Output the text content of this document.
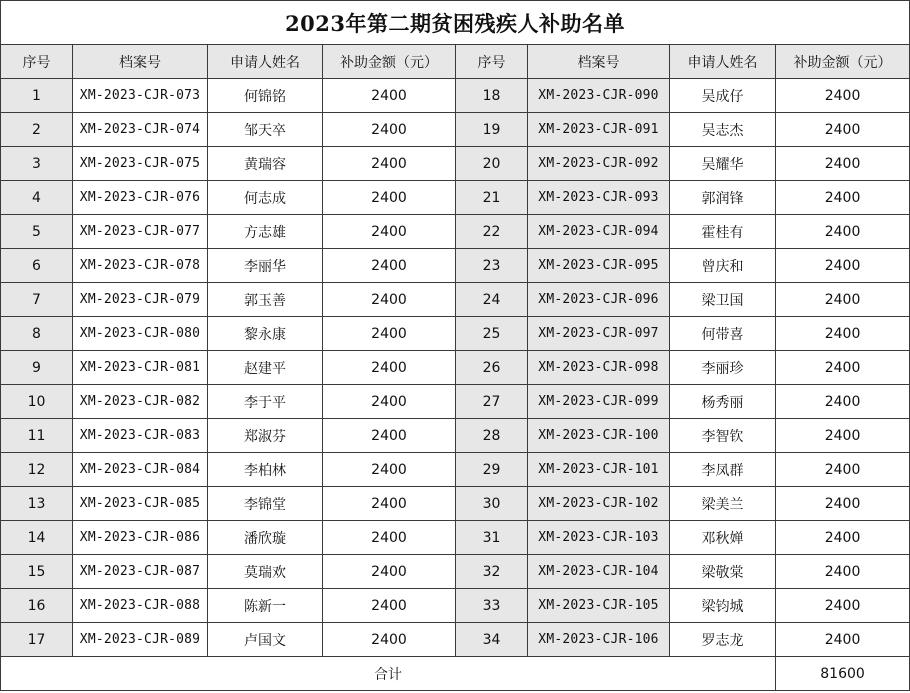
2023年第二期贫困残疾人补助名单							
序号	档案号	申请人姓名	补助金额（元）	序号	档案号	申请人姓名	补助金额（元）
1	XM-2023-CJR-073	何锦铭	2400	18	XM-2023-CJR-090	吴成仔	2400
2	XM-2023-CJR-074	邹天卒	2400	19	XM-2023-CJR-091	吴志杰	2400
3	XM-2023-CJR-075	黄瑞容	2400	20	XM-2023-CJR-092	吴耀华	2400
4	XM-2023-CJR-076	何志成	2400	21	XM-2023-CJR-093	郭润锋	2400
5	XM-2023-CJR-077	方志雄	2400	22	XM-2023-CJR-094	霍桂有	2400
6	XM-2023-CJR-078	李丽华	2400	23	XM-2023-CJR-095	曾庆和	2400
7	XM-2023-CJR-079	郭玉善	2400	24	XM-2023-CJR-096	梁卫国	2400
8	XM-2023-CJR-080	黎永康	2400	25	XM-2023-CJR-097	何带喜	2400
9	XM-2023-CJR-081	赵建平	2400	26	XM-2023-CJR-098	李丽珍	2400
10	XM-2023-CJR-082	李于平	2400	27	XM-2023-CJR-099	杨秀丽	2400
11	XM-2023-CJR-083	郑淑芬	2400	28	XM-2023-CJR-100	李智钦	2400
12	XM-2023-CJR-084	李柏林	2400	29	XM-2023-CJR-101	李凤群	2400
13	XM-2023-CJR-085	李锦堂	2400	30	XM-2023-CJR-102	梁美兰	2400
14	XM-2023-CJR-086	潘欣璇	2400	31	XM-2023-CJR-103	邓秋婵	2400
15	XM-2023-CJR-087	莫瑞欢	2400	32	XM-2023-CJR-104	梁敬棠	2400
16	XM-2023-CJR-088	陈新一	2400	33	XM-2023-CJR-105	梁钧城	2400
17	XM-2023-CJR-089	卢国文	2400	34	XM-2023-CJR-106	罗志龙	2400
合计							81600
